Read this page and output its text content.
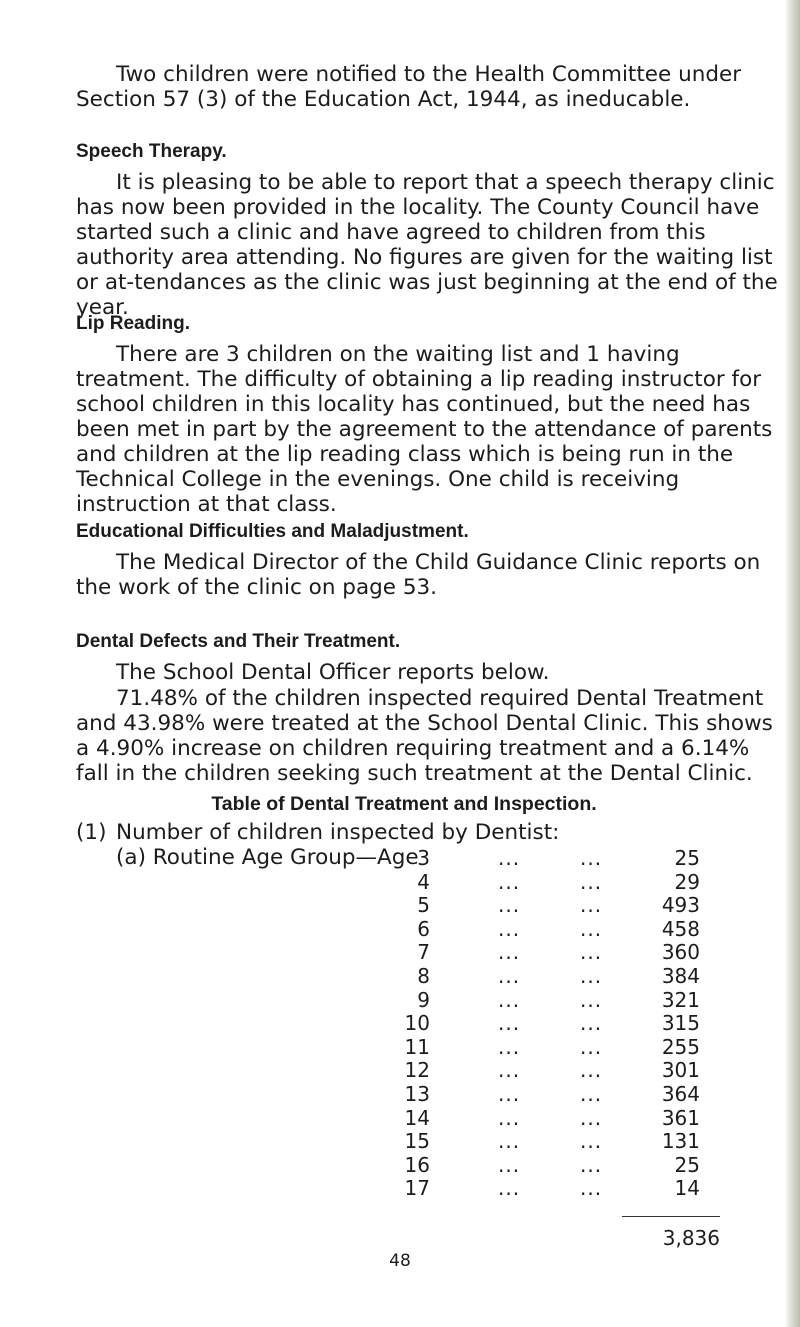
Two children were notified to the Health Committee under Section 57 (3) of the Education Act, 1944, as ineducable.

Speech Therapy.

It is pleasing to be able to report that a speech therapy clinic has now been provided in the locality. The County Council have started such a clinic and have agreed to children from this authority area attending. No figures are given for the waiting list or at-tendances as the clinic was just beginning at the end of the year.

Lip Reading.

There are 3 children on the waiting list and 1 having treatment. The difficulty of obtaining a lip reading instructor for school children in this locality has continued, but the need has been met in part by the agreement to the attendance of parents and children at the lip reading class which is being run in the Technical College in the evenings. One child is receiving instruction at that class.

Educational Difficulties and Maladjustment.

The Medical Director of the Child Guidance Clinic reports on the work of the clinic on page 53.

Dental Defects and Their Treatment.

The School Dental Officer reports below.

71.48% of the children inspected required Dental Treatment and 43.98% were treated at the School Dental Clinic. This shows a 4.90% increase on children requiring treatment and a 6.14% fall in the children seeking such treatment at the Dental Clinic.

Table of Dental Treatment and Inspection.
(1) Number of children inspected by Dentist:
(a) Routine Age Group—Age
3	...	...	25
4	...	...	29
5	...	...	493
6	...	...	458
7	...	...	360
8	...	...	384
9	...	...	321
10	...	...	315
11	...	...	255
12	...	...	301
13	...	...	364
14	...	...	361
15	...	...	131
16	...	...	25
17	...	...	14
3,836
48
